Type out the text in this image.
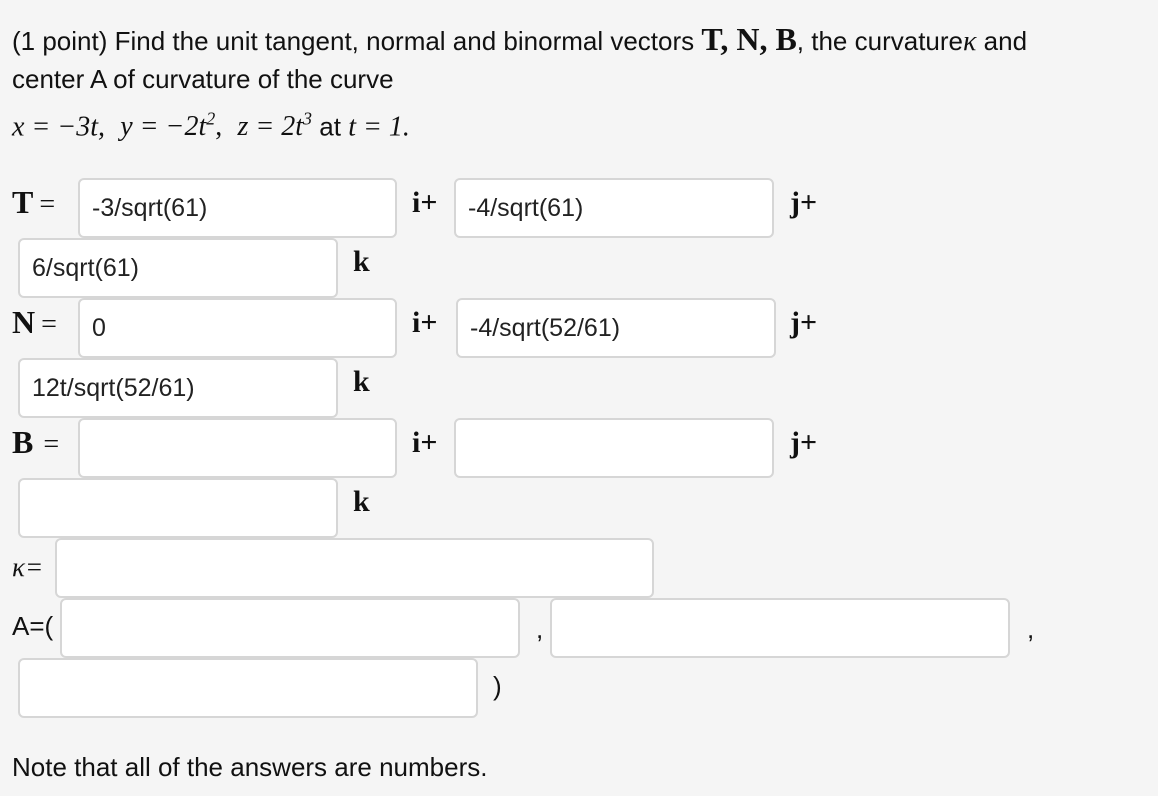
(1 point) Find the unit tangent, normal and binormal vectors T, N, B, the curvatureκ and
center A of curvature of the curve
x = −3t, $y = -2t^2$, $z = 2t^3$ at t = 1.
T =
-3/sqrt(61)	i+
-4/sqrt(61)	j+
6/sqrt(61)
k
N =
0	i+
-4/sqrt(52/61)	j+
12t/sqrt(52/61)
k
B =	i+	j+
k
κ=
A=(	,	,
)
Note that all of the answers are numbers.
